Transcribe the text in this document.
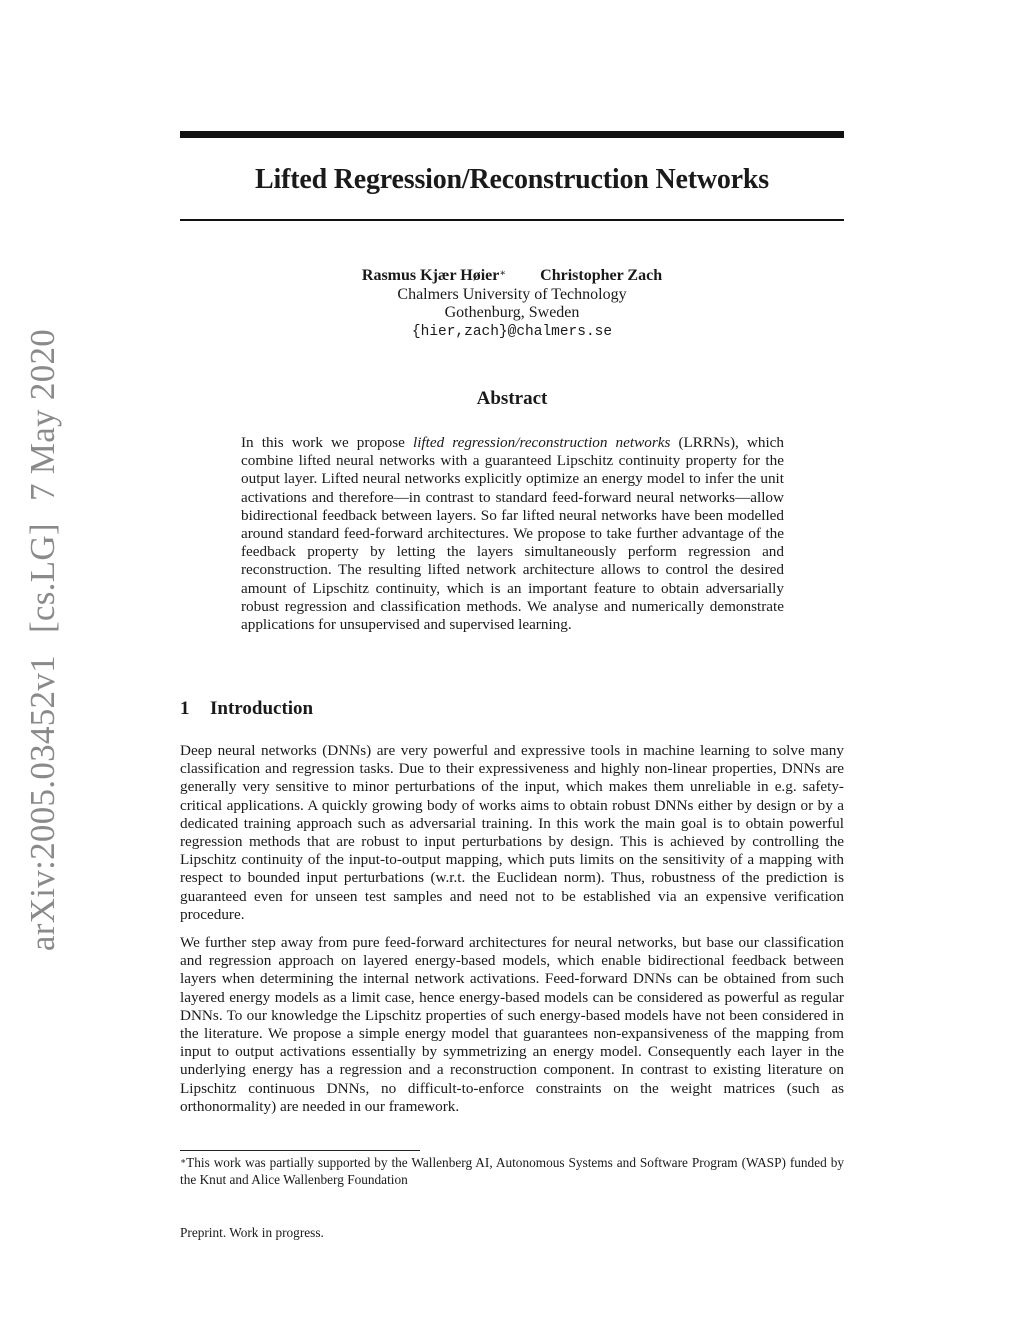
arXiv:2005.03452v1[cs.LG]7 May 2020
Lifted Regression/Reconstruction Networks
Rasmus Kjær Høier∗ Christopher Zach
Chalmers University of Technology
Gothenburg, Sweden
{hier,zach}@chalmers.se
Abstract
In this work we propose lifted regression/reconstruction networks (LRRNs), which combine lifted neural networks with a guaranteed Lipschitz continuity property for the output layer. Lifted neural networks explicitly optimize an energy model to infer the unit activations and therefore—in contrast to standard feed-forward neural networks—allow bidirectional feedback between layers. So far lifted neural networks have been modelled around standard feed-forward architectures. We propose to take further advantage of the feedback property by letting the layers simultaneously perform regression and reconstruction. The resulting lifted network architecture allows to control the desired amount of Lipschitz continuity, which is an important feature to obtain adversarially robust regression and classification methods. We analyse and numerically demonstrate applications for unsupervised and supervised learning.
1 Introduction
Deep neural networks (DNNs) are very powerful and expressive tools in machine learning to solve many classification and regression tasks. Due to their expressiveness and highly non-linear properties, DNNs are generally very sensitive to minor perturbations of the input, which makes them unreliable in e.g. safety-critical applications. A quickly growing body of works aims to obtain robust DNNs either by design or by a dedicated training approach such as adversarial training. In this work the main goal is to obtain powerful regression methods that are robust to input perturbations by design. This is achieved by controlling the Lipschitz continuity of the input-to-output mapping, which puts limits on the sensitivity of a mapping with respect to bounded input perturbations (w.r.t. the Euclidean norm). Thus, robustness of the prediction is guaranteed even for unseen test samples and need not to be established via an expensive verification procedure.
We further step away from pure feed-forward architectures for neural networks, but base our classification and regression approach on layered energy-based models, which enable bidirectional feedback between layers when determining the internal network activations. Feed-forward DNNs can be obtained from such layered energy models as a limit case, hence energy-based models can be considered as powerful as regular DNNs. To our knowledge the Lipschitz properties of such energy-based models have not been considered in the literature. We propose a simple energy model that guarantees non-expansiveness of the mapping from input to output activations essentially by symmetrizing an energy model. Consequently each layer in the underlying energy has a regression and a reconstruction component. In contrast to existing literature on Lipschitz continuous DNNs, no difficult-to-enforce constraints on the weight matrices (such as orthonormality) are needed in our framework.
∗This work was partially supported by the Wallenberg AI, Autonomous Systems and Software Program (WASP) funded by the Knut and Alice Wallenberg Foundation
Preprint. Work in progress.
